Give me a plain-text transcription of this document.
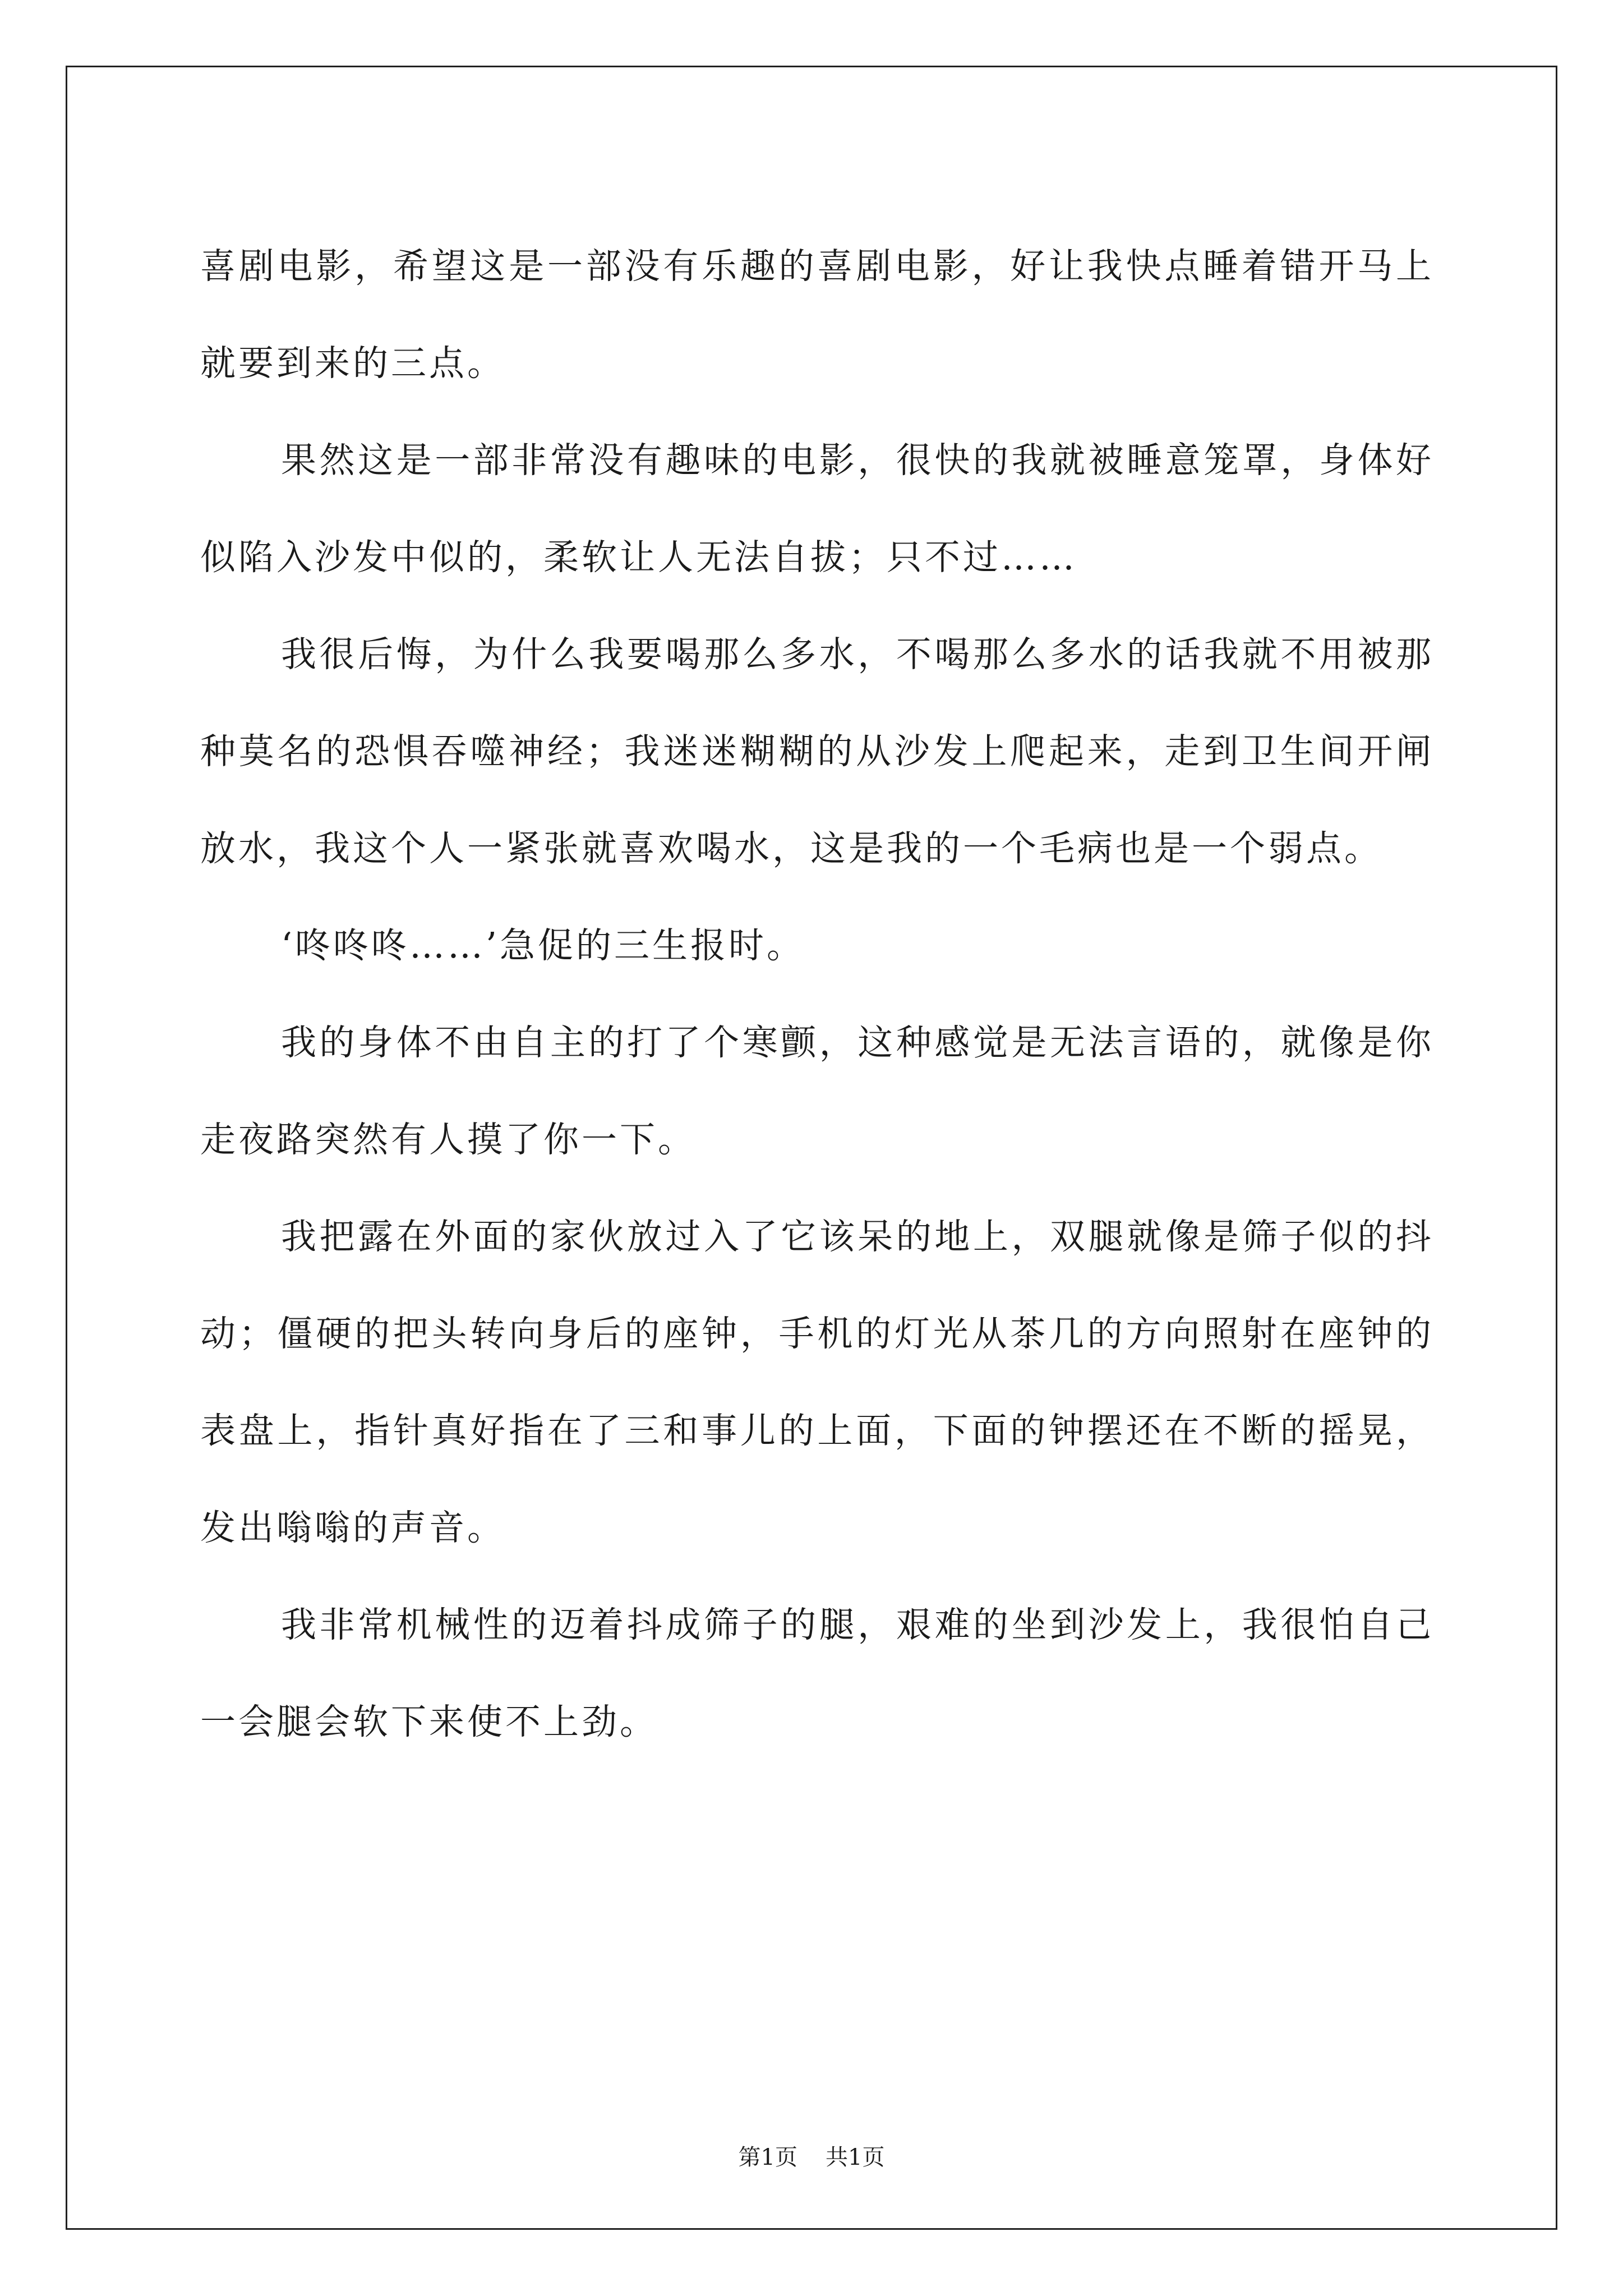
喜剧电影，希望这是一部没有乐趣的喜剧电影，好让我快点睡着错开马上就要到来的三点。

果然这是一部非常没有趣味的电影，很快的我就被睡意笼罩，身体好似陷入沙发中似的，柔软让人无法自拔；只不过……

我很后悔，为什么我要喝那么多水，不喝那么多水的话我就不用被那种莫名的恐惧吞噬神经；我迷迷糊糊的从沙发上爬起来，走到卫生间开闸放水，我这个人一紧张就喜欢喝水，这是我的一个毛病也是一个弱点。

‘咚咚咚……’急促的三生报时。

我的身体不由自主的打了个寒颤，这种感觉是无法言语的，就像是你走夜路突然有人摸了你一下。

我把露在外面的家伙放过入了它该呆的地上，双腿就像是筛子似的抖动；僵硬的把头转向身后的座钟，手机的灯光从茶几的方向照射在座钟的表盘上，指针真好指在了三和事儿的上面，下面的钟摆还在不断的摇晃，发出嗡嗡的声音。

我非常机械性的迈着抖成筛子的腿，艰难的坐到沙发上，我很怕自己一会腿会软下来使不上劲。

第1页 共1页
